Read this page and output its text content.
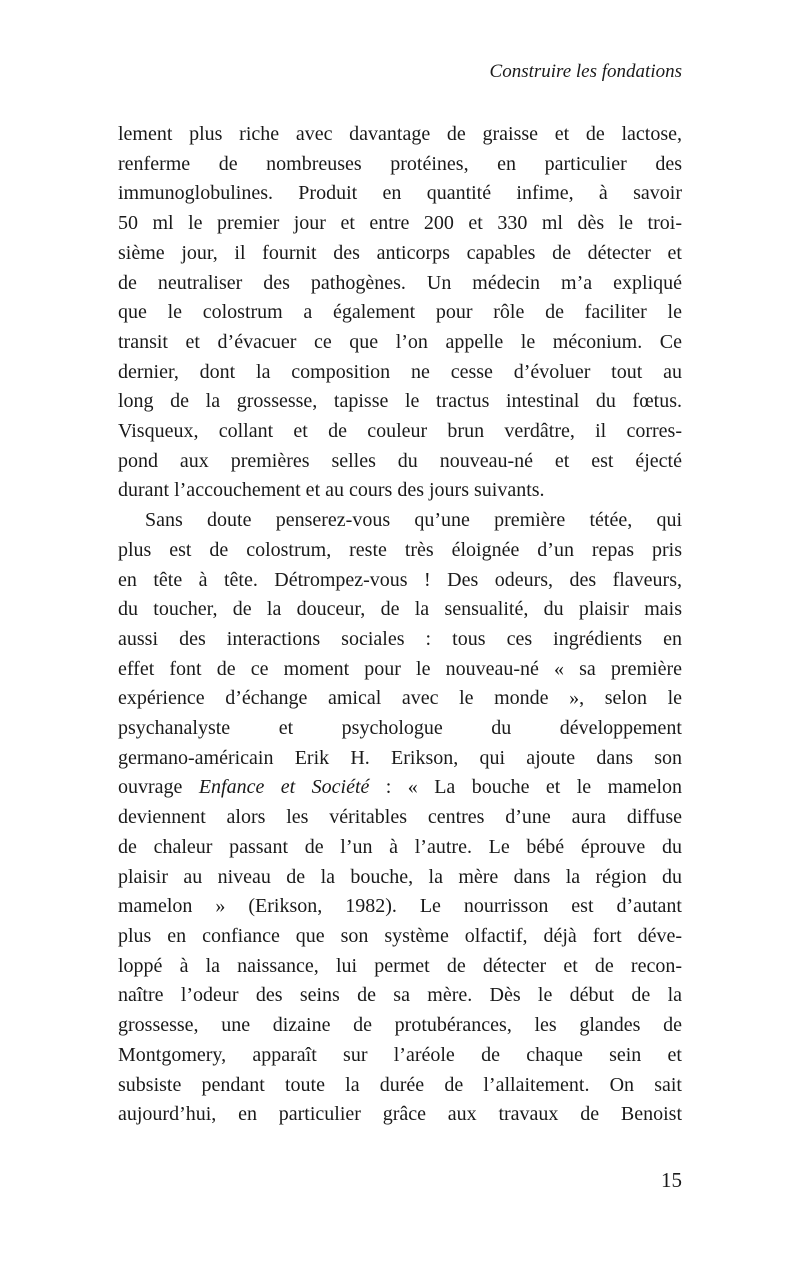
Construire les fondations
lement plus riche avec davantage de graisse et de lactose,
renferme de nombreuses protéines, en particulier des
immunoglobulines. Produit en quantité infime, à savoir
50 ml le premier jour et entre 200 et 330 ml dès le troi-
sième jour, il fournit des anticorps capables de détecter et
de neutraliser des pathogènes. Un médecin m’a expliqué
que le colostrum a également pour rôle de faciliter le
transit et d’évacuer ce que l’on appelle le méconium. Ce
dernier, dont la composition ne cesse d’évoluer tout au
long de la grossesse, tapisse le tractus intestinal du fœtus.
Visqueux, collant et de couleur brun verdâtre, il corres-
pond aux premières selles du nouveau-né et est éjecté
durant l’accouchement et au cours des jours suivants.
Sans doute penserez-vous qu’une première tétée, qui
plus est de colostrum, reste très éloignée d’un repas pris
en tête à tête. Détrompez-vous ! Des odeurs, des flaveurs,
du toucher, de la douceur, de la sensualité, du plaisir mais
aussi des interactions sociales : tous ces ingrédients en
effet font de ce moment pour le nouveau-né « sa première
expérience d’échange amical avec le monde », selon le
psychanalyste et psychologue du développement
germano-américain Erik H. Erikson, qui ajoute dans son
ouvrage Enfance et Société : « La bouche et le mamelon
deviennent alors les véritables centres d’une aura diffuse
de chaleur passant de l’un à l’autre. Le bébé éprouve du
plaisir au niveau de la bouche, la mère dans la région du
mamelon » (Erikson, 1982). Le nourrisson est d’autant
plus en confiance que son système olfactif, déjà fort déve-
loppé à la naissance, lui permet de détecter et de recon-
naître l’odeur des seins de sa mère. Dès le début de la
grossesse, une dizaine de protubérances, les glandes de
Montgomery, apparaît sur l’aréole de chaque sein et
subsiste pendant toute la durée de l’allaitement. On sait
aujourd’hui, en particulier grâce aux travaux de Benoist
15
